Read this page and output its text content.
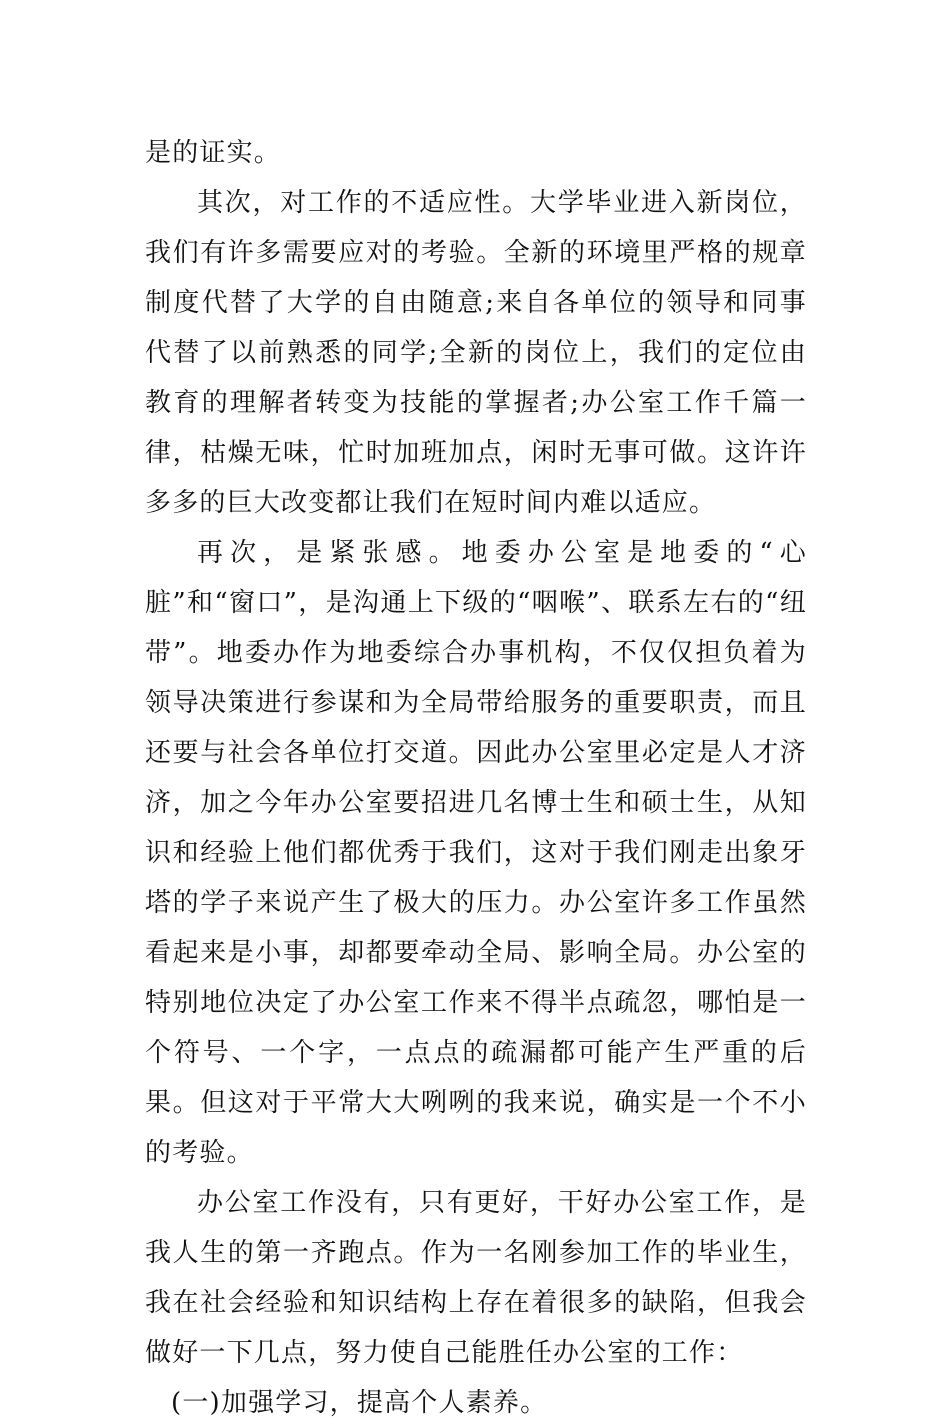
是的证实。

其次，对工作的不适应性。大学毕业进入新岗位，我们有许多需要应对的考验。全新的环境里严格的规章制度代替了大学的自由随意;来自各单位的领导和同事代替了以前熟悉的同学;全新的岗位上，我们的定位由教育的理解者转变为技能的掌握者;办公室工作千篇一律，枯燥无味，忙时加班加点，闲时无事可做。这许许多多的巨大改变都让我们在短时间内难以适应。

再次，是紧张感。地委办公室是地委的“心脏”和“窗口”，是沟通上下级的“咽喉”、联系左右的“纽带”。地委办作为地委综合办事机构，不仅仅担负着为领导决策进行参谋和为全局带给服务的重要职责，而且还要与社会各单位打交道。因此办公室里必定是人才济济，加之今年办公室要招进几名博士生和硕士生，从知识和经验上他们都优秀于我们，这对于我们刚走出象牙塔的学子来说产生了极大的压力。办公室许多工作虽然看起来是小事，却都要牵动全局、影响全局。办公室的特别地位决定了办公室工作来不得半点疏忽，哪怕是一个符号、一个字，一点点的疏漏都可能产生严重的后果。但这对于平常大大咧咧的我来说，确实是一个不小的考验。

办公室工作没有，只有更好，干好办公室工作，是我人生的第一齐跑点。作为一名刚参加工作的毕业生，我在社会经验和知识结构上存在着很多的缺陷，但我会做好一下几点，努力使自己能胜任办公室的工作：

(一)加强学习，提高个人素养。
